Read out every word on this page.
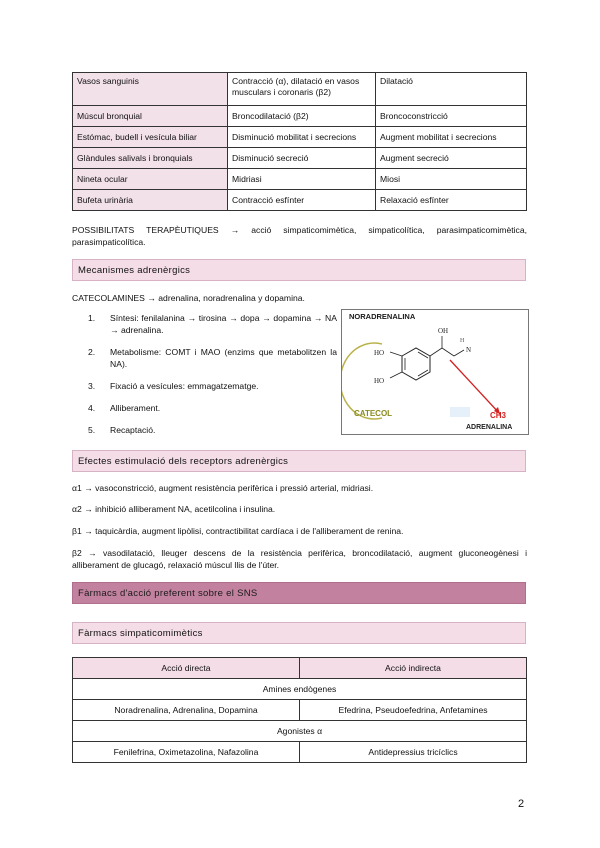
Vasos sanguinis	Contracció (α), dilatació en vasos musculars i coronaris (β2)	Dilatació
Múscul bronquial	Broncodilatació (β2)	Broncoconstricció
Estómac, budell i vesícula biliar	Disminució mobilitat i secrecions	Augment mobilitat i secrecions
Glàndules salivals i bronquials	Disminució secreció	Augment secreció
Nineta ocular	Midriasi	Miosi
Bufeta urinària	Contracció esfínter	Relaxació esfínter
POSSIBILITATS TERAPÈUTIQUES → acció simpaticomimètica, simpaticolítica, parasimpaticomimètica, parasimpaticolítica.
Mecanismes adrenèrgics
CATECOLAMINES → adrenalina, noradrenalina y dopamina.
1.	Síntesi: fenilalanina → tirosina → dopa → dopamina → NA → adrenalina.
2.	Metabolisme: COMT i MAO (enzims que metabolitzen la NA).
3.	Fixació a vesícules: emmagatzematge.
4.	Alliberament.
5.	Recaptació.
NORADRENALINA
HO
HO
OH
N
H
CATECOL	CH3
ADRENALINA
Efectes estimulació dels receptors adrenèrgics
α1 → vasoconstricció, augment resistència perifèrica i pressió arterial, midriasi.
α2 → inhibició alliberament NA, acetilcolina i insulina.
β1 → taquicàrdia, augment lipòlisi, contractibilitat cardíaca i de l'alliberament de renina.
β2 → vasodilatació, lleuger descens de la resistència perifèrica, broncodilatació, augment gluconeogènesi i alliberament de glucagó, relaxació múscul llis de l'úter.
Fàrmacs d'acció preferent sobre el SNS
Fàrmacs simpaticomimètics
Acció directa	Acció indirecta
Amines endògenes	
Noradrenalina, Adrenalina, Dopamina	Efedrina, Pseudoefedrina, Anfetamines
Agonistes α	
Fenilefrina, Oximetazolina, Nafazolina	Antidepressius tricíclics
2
